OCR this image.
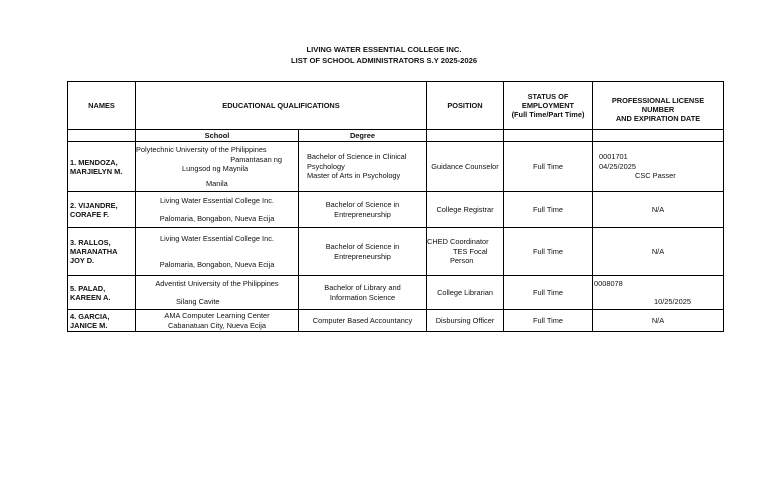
LIVING WATER ESSENTIAL COLLEGE INC.
LIST OF SCHOOL ADMINISTRATORS S.Y 2025-2026
NAMES	EDUCATIONAL QUALIFICATIONS		POSITION	STATUS OF
EMPLOYMENT
(Full Time/Part Time)	PROFESSIONAL LICENSE NUMBER
AND EXPIRATION DATE

	School	Degree			

1. MENDOZA,
MARJIELYN M.	Polytechnic University of the Philippines
Pamantasan ng
Lungsod ng Maynila
Manila	Bachelor of Science in Clinical
Psychology
Master of Arts in Psychology	Guidance Counselor	Full Time	0001701
04/25/2025
CSC Passer

2. VIJANDRE,
CORAFE F.	Living Water Essential College Inc.
Palomaria, Bongabon, Nueva Ecija	Bachelor of Science in
Entrepreneurship	College Registrar	Full Time	N/A

3. RALLOS,
MARANATHA
JOY D.	Living Water Essential College Inc.
Palomaria, Bongabon, Nueva Ecija	Bachelor of Science in
Entrepreneurship	CHED Coordinator
TES Focal
Person	Full Time	N/A

5. PALAD,
KAREEN A.	Adventist University of the Philippines
Silang Cavite	Bachelor of Library and
Information Science	College Librarian	Full Time	0008078
10/25/2025

4. GARCIA,
JANICE M.	AMA Computer Learning Center
Cabanatuan City, Nueva Ecija	Computer Based Accountancy	Disbursing Officer	Full Time	N/A
